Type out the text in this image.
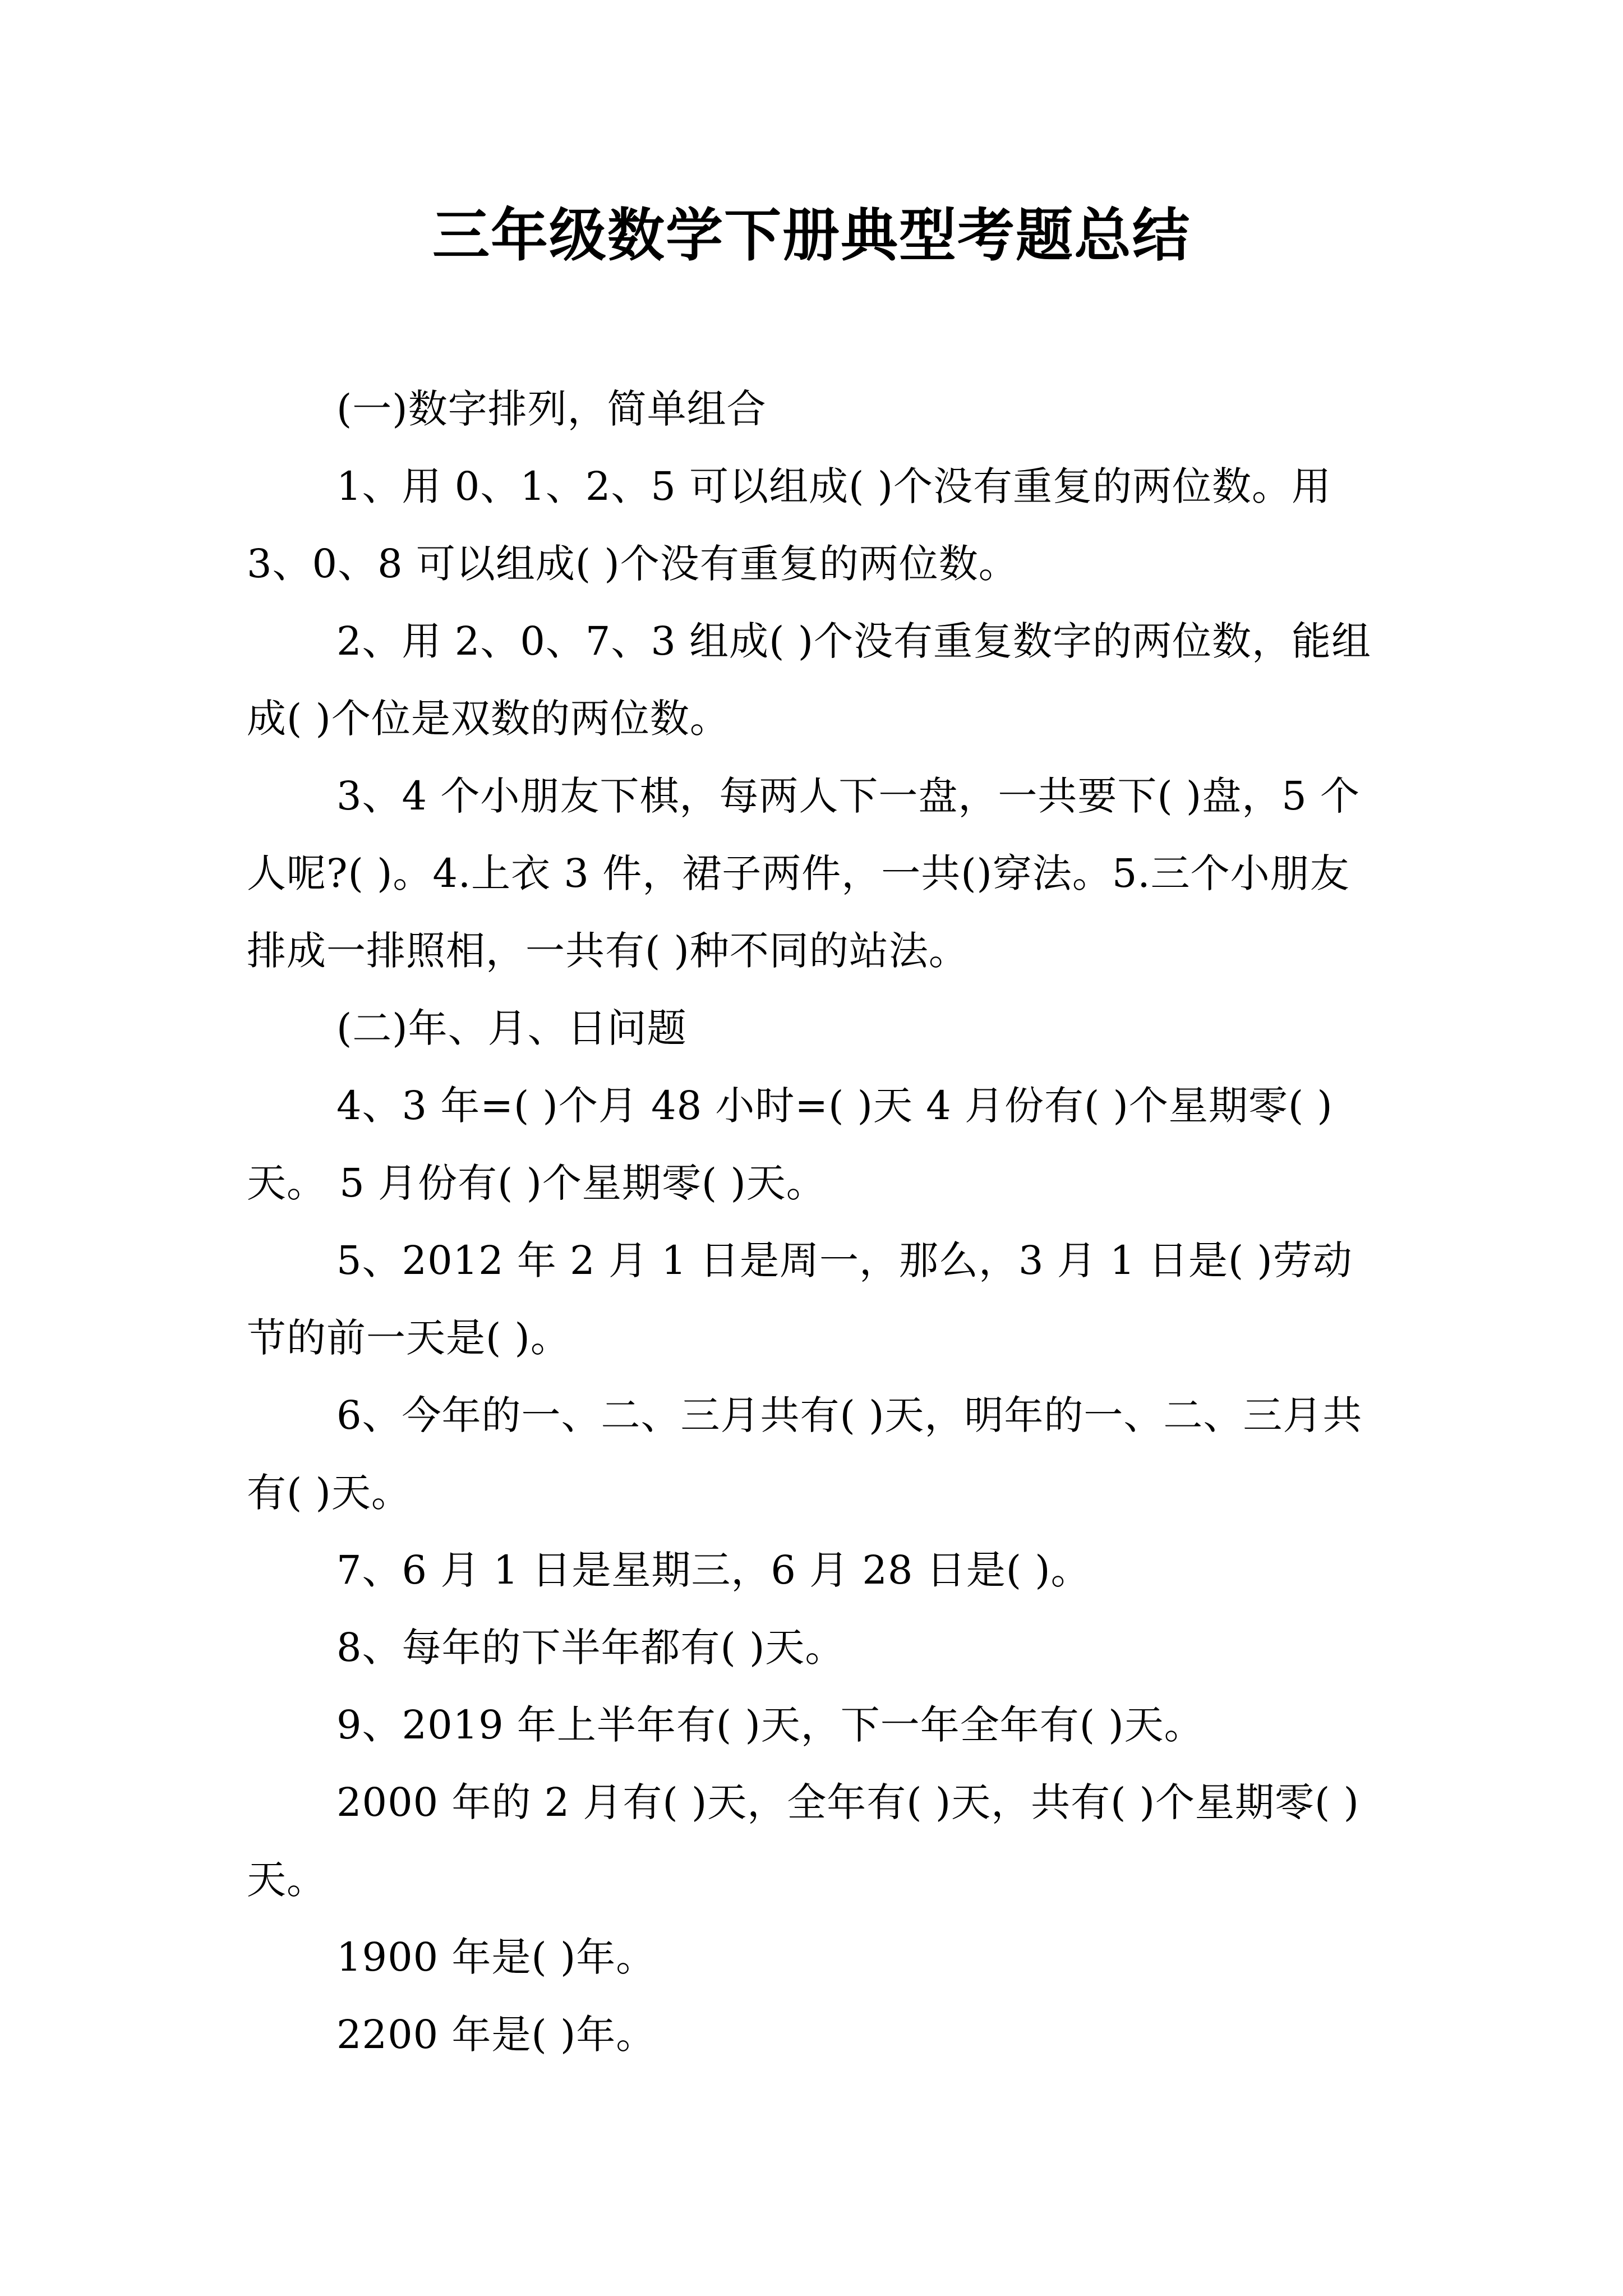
三年级数学下册典型考题总结

(一)数字排列，简单组合

1、用 0、1、2、5 可以组成( )个没有重复的两位数。用 3、0、8 可以组成( )个没有重复的两位数。

2、用 2、0、7、3 组成( )个没有重复数字的两位数，能组成( )个位是双数的两位数。

3、4 个小朋友下棋，每两人下一盘，一共要下( )盘，5 个人呢?( )。4.上衣 3 件，裙子两件，一共()穿法。5.三个小朋友排成一排照相，一共有( )种不同的站法。

(二)年、月、日问题

4、3 年=( )个月 48 小时=( )天 4 月份有( )个星期零( )天。 5 月份有( )个星期零( )天。

5、2012 年 2 月 1 日是周一，那么，3 月 1 日是( )劳动节的前一天是( )。

6、今年的一、二、三月共有( )天，明年的一、二、三月共有( )天。

7、6 月 1 日是星期三，6 月 28 日是( )。

8、每年的下半年都有( )天。

9、2019 年上半年有( )天，下一年全年有( )天。

2000 年的 2 月有( )天，全年有( )天，共有( )个星期零( )天。

1900 年是( )年。

2200 年是( )年。
